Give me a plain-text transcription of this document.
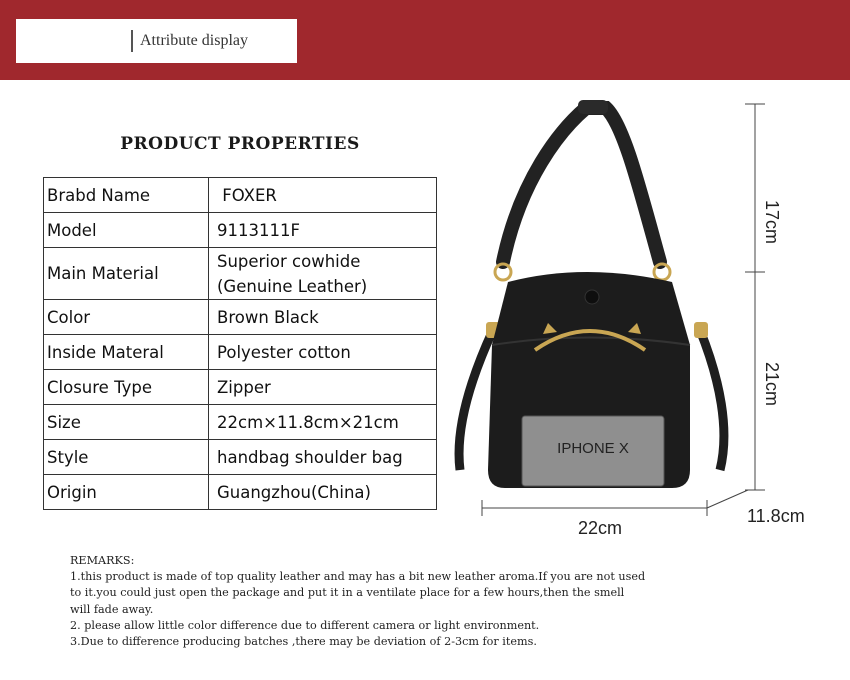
Attribute display
PRODUCT PROPERTIES
Brabd Name	FOXER
Model	9113111F
Main Material	Superior cowhide
(Genuine Leather)
Color	Brown Black
Inside Materal	Polyester cotton
Closure Type	Zipper
Size	22cm×11.8cm×21cm
Style	handbag shoulder bag
Origin	Guangzhou(China)
IPHONE X
17cm
21cm
22cm
11.8cm
REMARKS:
1.this product is made of top quality leather and may has a bit new leather aroma.If you are not used
to it.you could just open the package and put it in a ventilate place for a few hours,then the smell
will fade away.
2. please allow little color difference due to different camera or light environment.
3.Due to difference producing batches ,there may be deviation of 2-3cm for items.
